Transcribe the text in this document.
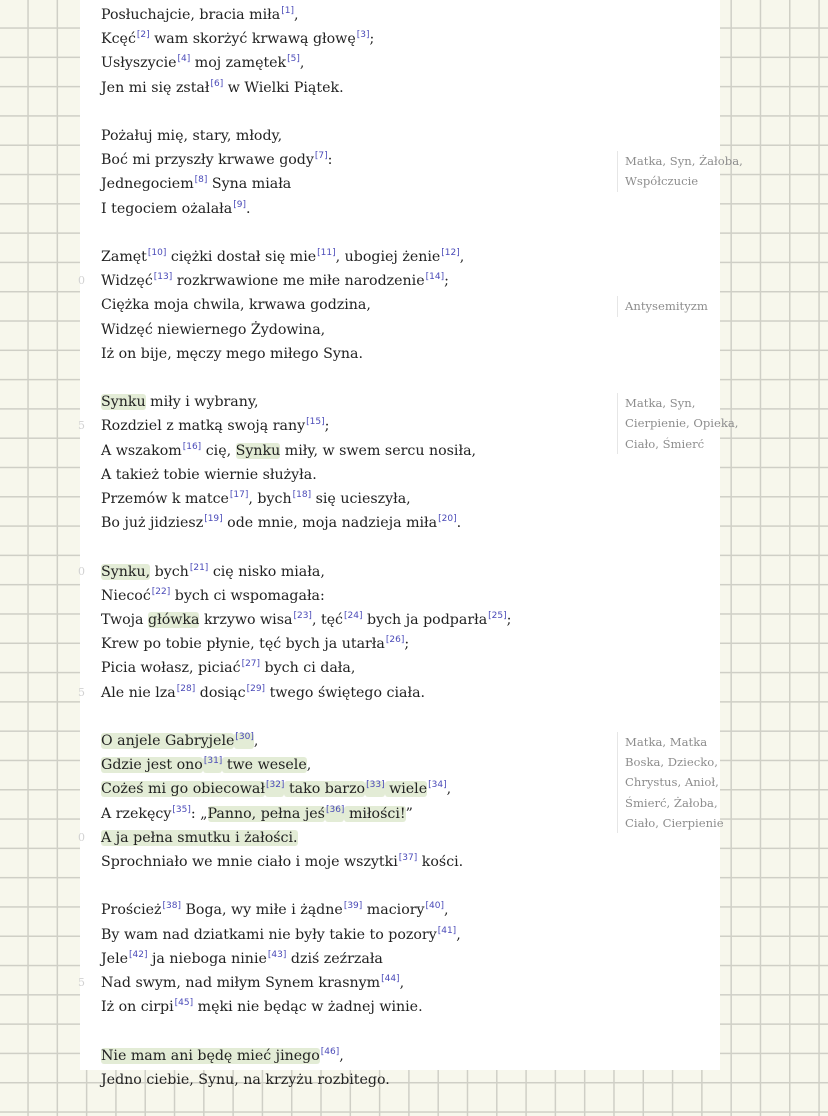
Posłuchajcie, bracia miła[1],
Kcęć[2] wam skorżyć krwawą głowę[3];
Usłyszycie[4] moj zamętek[5],
Jen mi się zstał[6] w Wielki Piątek.
Pożałuj mię, stary, młody,
Boć mi przyszły krwawe gody[7]:
Jednegociem[8] Syna miała
I tegociem ożalała[9].
Matka, Syn, Żałoba, Współczucie
Zamęt[10] ciężki dostał się mie[11], ubogiej żenie[12],
0 Widzęć[13] rozkrwawione me miłe narodzenie[14];
Ciężka moja chwila, krwawa godzina,
Widzęć niewiernego Żydowina,
Iż on bije, męczy mego miłego Syna.
Antysemityzm
Synku miły i wybrany,
5 Rozdziel z matką swoją rany[15];
A wszakom[16] cię, Synku miły, w swem sercu nosiła,
A takież tobie wiernie służyła.
Przemów k matce[17], bych[18] się ucieszyła,
Bo już jidziesz[19] ode mnie, moja nadzieja miła[20].
Matka, Syn, Cierpienie, Opieka, Ciało, Śmierć
0 Synku, bych[21] cię nisko miała,
Niecoć[22] bych ci wspomagała:
Twoja główka krzywo wisa[23], tęć[24] bych ja podparła[25];
Krew po tobie płynie, tęć bych ja utarła[26];
Picia wołasz, piciać[27] bych ci dała,
5 Ale nie lza[28] dosiąc[29] twego świętego ciała.
O anjele Gabryjele[30],
Gdzie jest ono[31] twe wesele,
Cożeś mi go obiecował[32] tako barzo[33] wiele[34],
A rzekęcy[35]: „Panno, pełna jeś[36] miłości!”
0 A ja pełna smutku i żałości.
Sprochniało we mnie ciało i moje wszytki[37] kości.
Matka, Matka Boska, Dziecko, Chrystus, Anioł, Śmierć, Żałoba, Ciało, Cierpienie
Proścież[38] Boga, wy miłe i żądne[39] maciory[40],
By wam nad dziatkami nie były takie to pozory[41],
Jele[42] ja nieboga ninie[43] dziś zeźrzała
5 Nad swym, nad miłym Synem krasnym[44],
Iż on cirpi[45] męki nie będąc w żadnej winie.
Nie mam ani będę mieć jinego[46],
Jedno ciebie, Synu, na krzyżu rozbitego.
